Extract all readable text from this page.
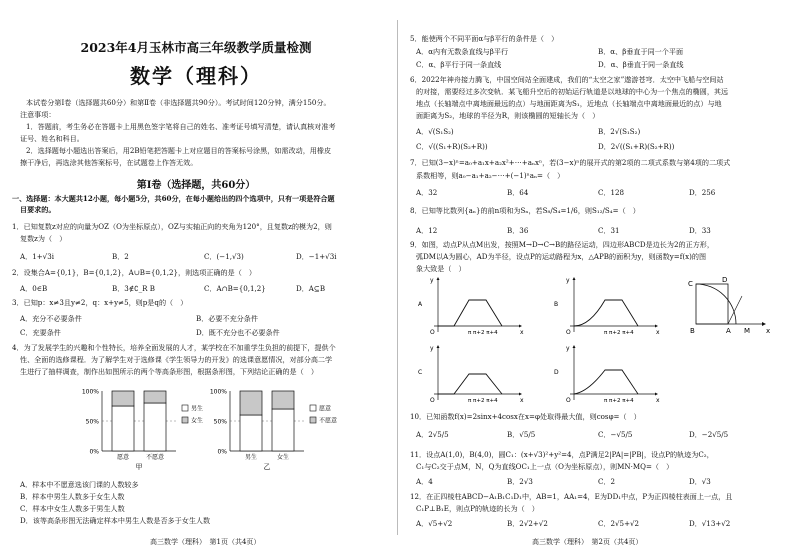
2023年4月玉林市高三年级教学质量检测
数学（理科）
本试卷分第Ⅰ卷（选择题共60分）和第Ⅱ卷（非选择题共90分）。考试时间120分钟，满分150分。
注意事项：
1．答题前，考生务必在答题卡上用黑色签字笔将自己的姓名、准考证号填写清楚，请认真核对准考
证号、姓名和科目。
2．选择题每小题选出答案后，用2B铅笔把答题卡上对应题目的答案标号涂黑，如需改动，用橡皮
擦干净后，再选涂其他答案标号，在试题卷上作答无效。
第Ⅰ卷（选择题，共60分）
一、选择题：本大题共12小题，每小题5分，共60分，在每小题给出的四个选项中，只有一项是符合题
目要求的。
1．已知复数z对应的向量为OZ（O为坐标原点），OZ与实轴正向的夹角为120°，且复数z的模为2，则
复数z为（　）
A．1+√3i	B．2	C．(−1,√3)	D．−1+√3i
2．设集合A={0,1}，B={0,1,2}，A∪B={0,1,2}，则选项正确的是（　）
A．0∈B	B．3∉∁_R B	C．A∩B={0,1,2}	D．A⊆B
3．已知p：x≠3且y≠2，q：x+y≠5，则p是q的（　）
A．充分不必要条件	B．必要不充分条件
C．充要条件	D．既不充分也不必要条件
4．为了发展学生的兴趣和个性特长，培养全面发展的人才，某学校在不加重学生负担的前提下，提供个
性、全面的选修课程．为了解学生对于选修课《学生领导力的开发》的选课意愿情况，对部分高二学
生进行了抽样调查，制作出如图所示的两个等高条形图，根据条形图，下列结论正确的是（　）
100%
50%
0%
愿意	不愿意
男生
女生
甲
100%
50%
0%
男生	女生
愿意
不愿意
乙
A．样本中不愿意选该门课的人数较多
B．样本中男生人数多于女生人数
C．样本中女生人数多于男生人数
D．该等高条形图无法确定样本中男生人数是否多于女生人数
高三数学（理科）　第1页（共4页）
5．能使两个不同平面α与β平行的条件是（　）
A．α内有无数条直线与β平行	B．α、β垂直于同一个平面
C．α、β平行于同一条直线	D．α、β垂直于同一条直线
6．2022年神舟接力腾飞，中国空间站全面建成，我们的“太空之家”遨游苍穹．太空中飞船与空间站
的对接，需要经过多次变轨．某飞船升空后的初始运行轨道是以地球的中心为一个焦点的椭圆，其远
地点（长轴端点中离地面最远的点）与地面距离为S₁，近地点（长轴端点中离地面最近的点）与地
面距离为S₂，地球的半径为R，则该椭圆的短轴长为（　）
A．√(S₁S₂)	B．2√(S₁S₂)
C．√((S₁+R)(S₂+R))	D．2√((S₁+R)(S₂+R))
7．已知(3−x)ⁿ=a₀+a₁x+a₂x²+⋯+aₙxⁿ，若(3−x)ⁿ的展开式的第2项的二项式系数与第4项的二项式
系数相等，则a₀−a₁+a₂−⋯+(−1)ⁿaₙ=（　）
A．32	B．64	C．128	D．256
8．已知等比数列{aₙ}的前n项和为Sₙ，若S₈/S₄=1/6，则S₁₂/S₄=（　）
A．12	B．36	C．31	D．33
9．如图，动点P从点M出发，按照M→D→C→B的路径运动，四边形ABCD是边长为2的正方形，
弧DM以A为圆心，AD为半径，设点P的运动路程为x，△APB的面积为y，则函数y=f(x)的图
象大致是（　）
x
y
O	π π+2 π+4
A
x
y
O	π π+2 π+4
B
x
y
O	π π+2 π+4
C
x
y
O	π π+2 π+4
D
C	D
B	A M x
10．已知函数f(x)=2sinx+4cosx在x=φ处取得最大值，则cosφ=（　）
A．2√5/5	B．√5/5	C．−√5/5	D．−2√5/5
11．设点A(1,0)，B(4,0)，圆C₁：(x+√3)²+y²=4，点P满足2|PA|=|PB|，设点P的轨迹为C₂，
C₁与C₂交于点M，N，Q为直线OC₁上一点（O为坐标原点），则MN·MQ=（　）
A．4	B．2√3	C．2	D．√3
12．在正四棱柱ABCD−A₁B₁C₁D₁中，AB=1，AA₁=4，E为DD₁中点，P为正四棱柱表面上一点，且
C₁P⊥B₁E，则点P的轨迹的长为（　）
A．√5+√2	B．2√2+√2	C．2√5+√2	D．√13+√2
高三数学（理科）　第2页（共4页）
